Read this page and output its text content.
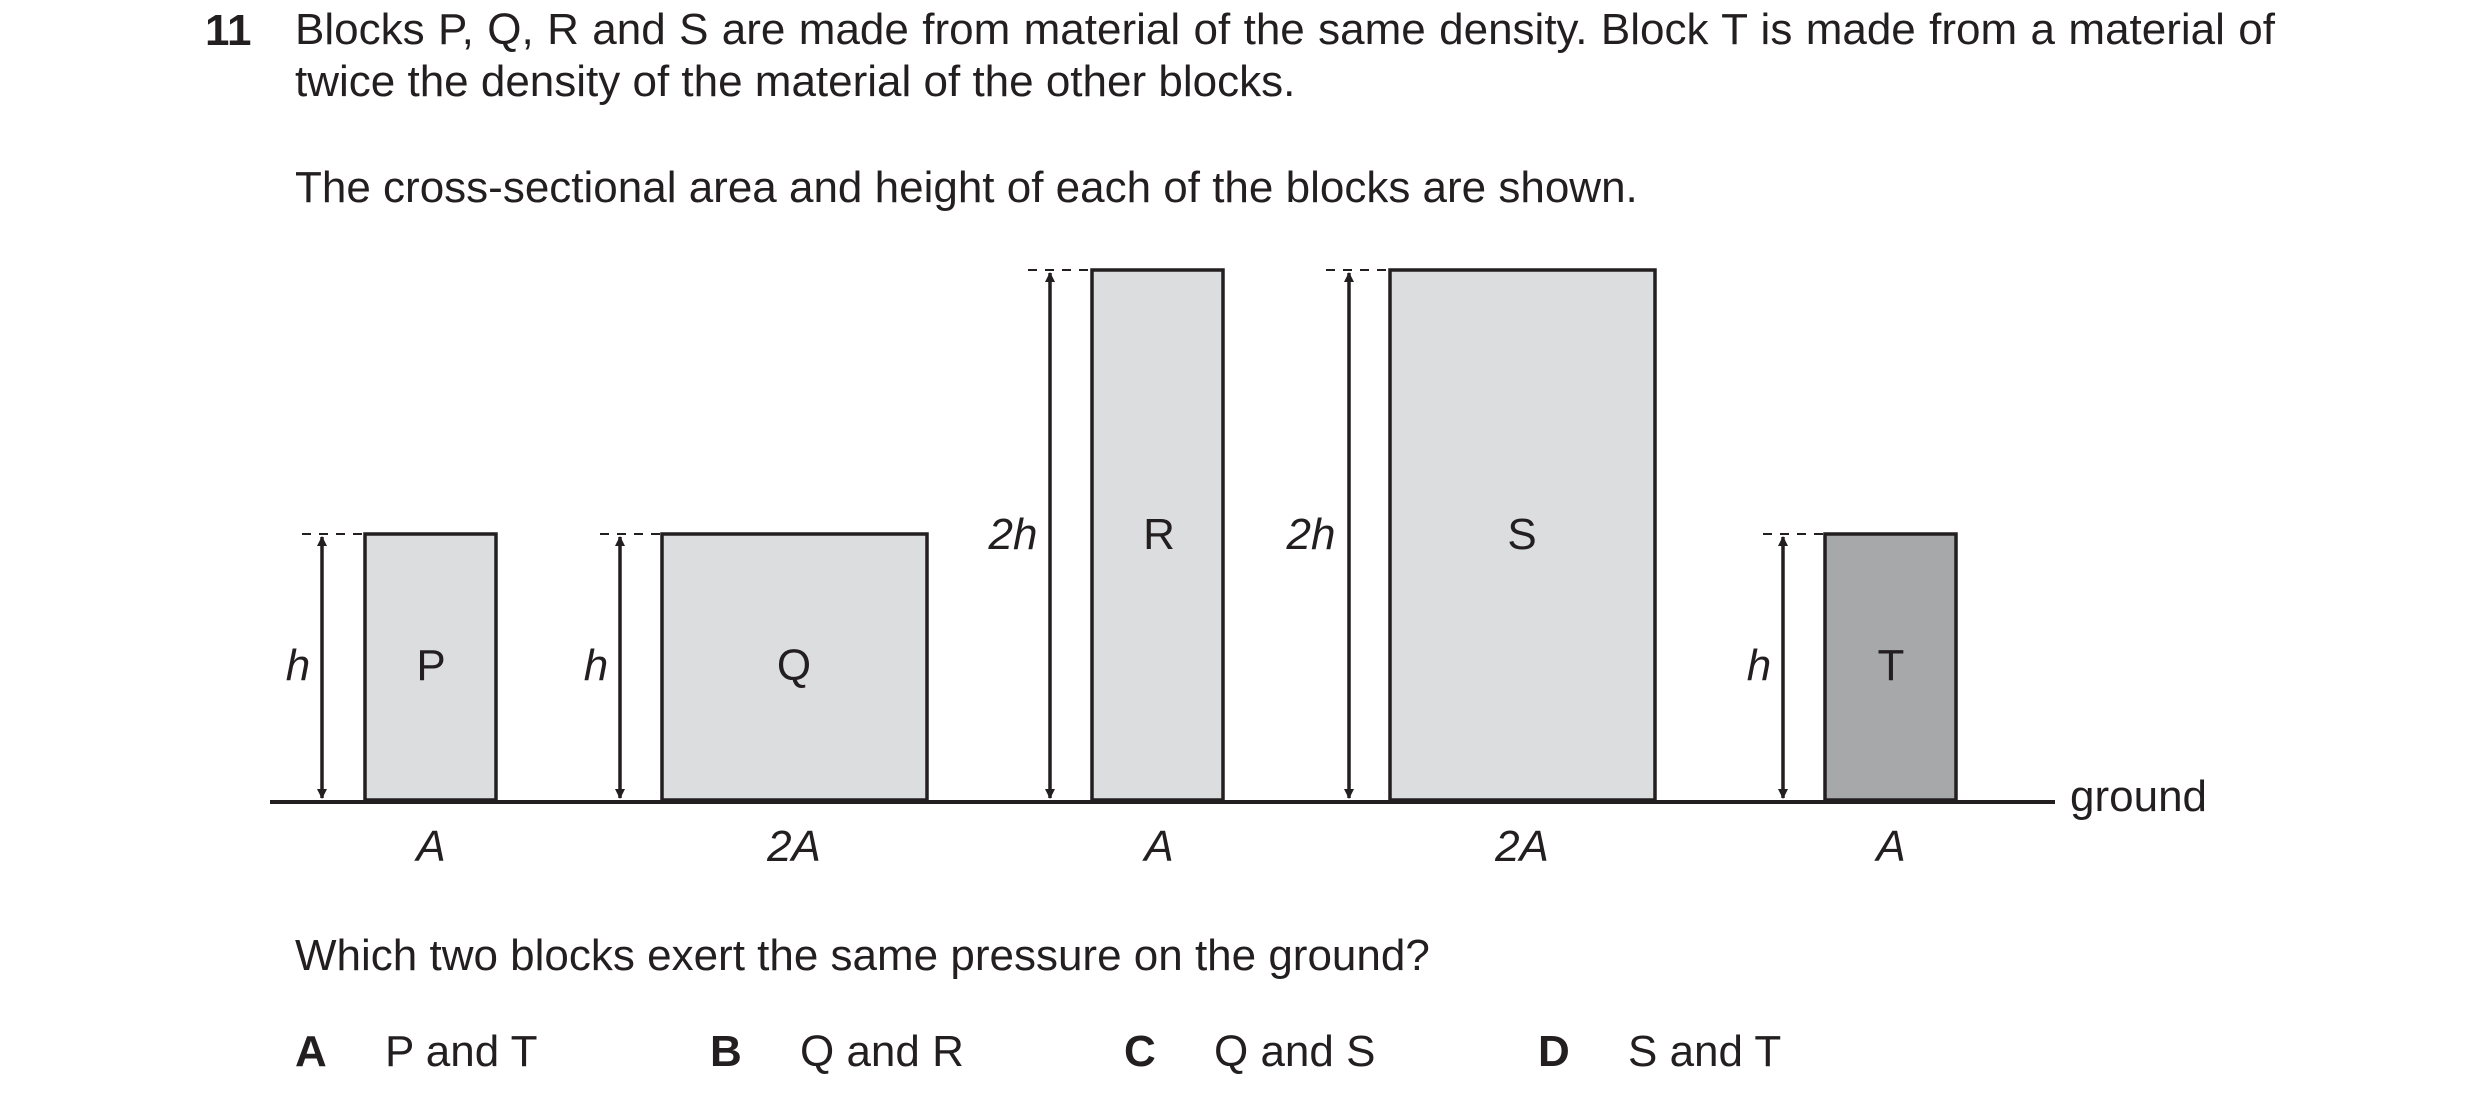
11 Blocks P, Q, R and S are made from material of the same density. Block T is made from a material of twice the density of the material of the other blocks.

The cross-sectional area and height of each of the blocks are shown.

ground
h P
A
h	Q
2A
2h R
A
2h	S
2A
h T
A

Which two blocks exert the same pressure on the ground?

A P and T	B Q and R	C Q and S	D S and T
